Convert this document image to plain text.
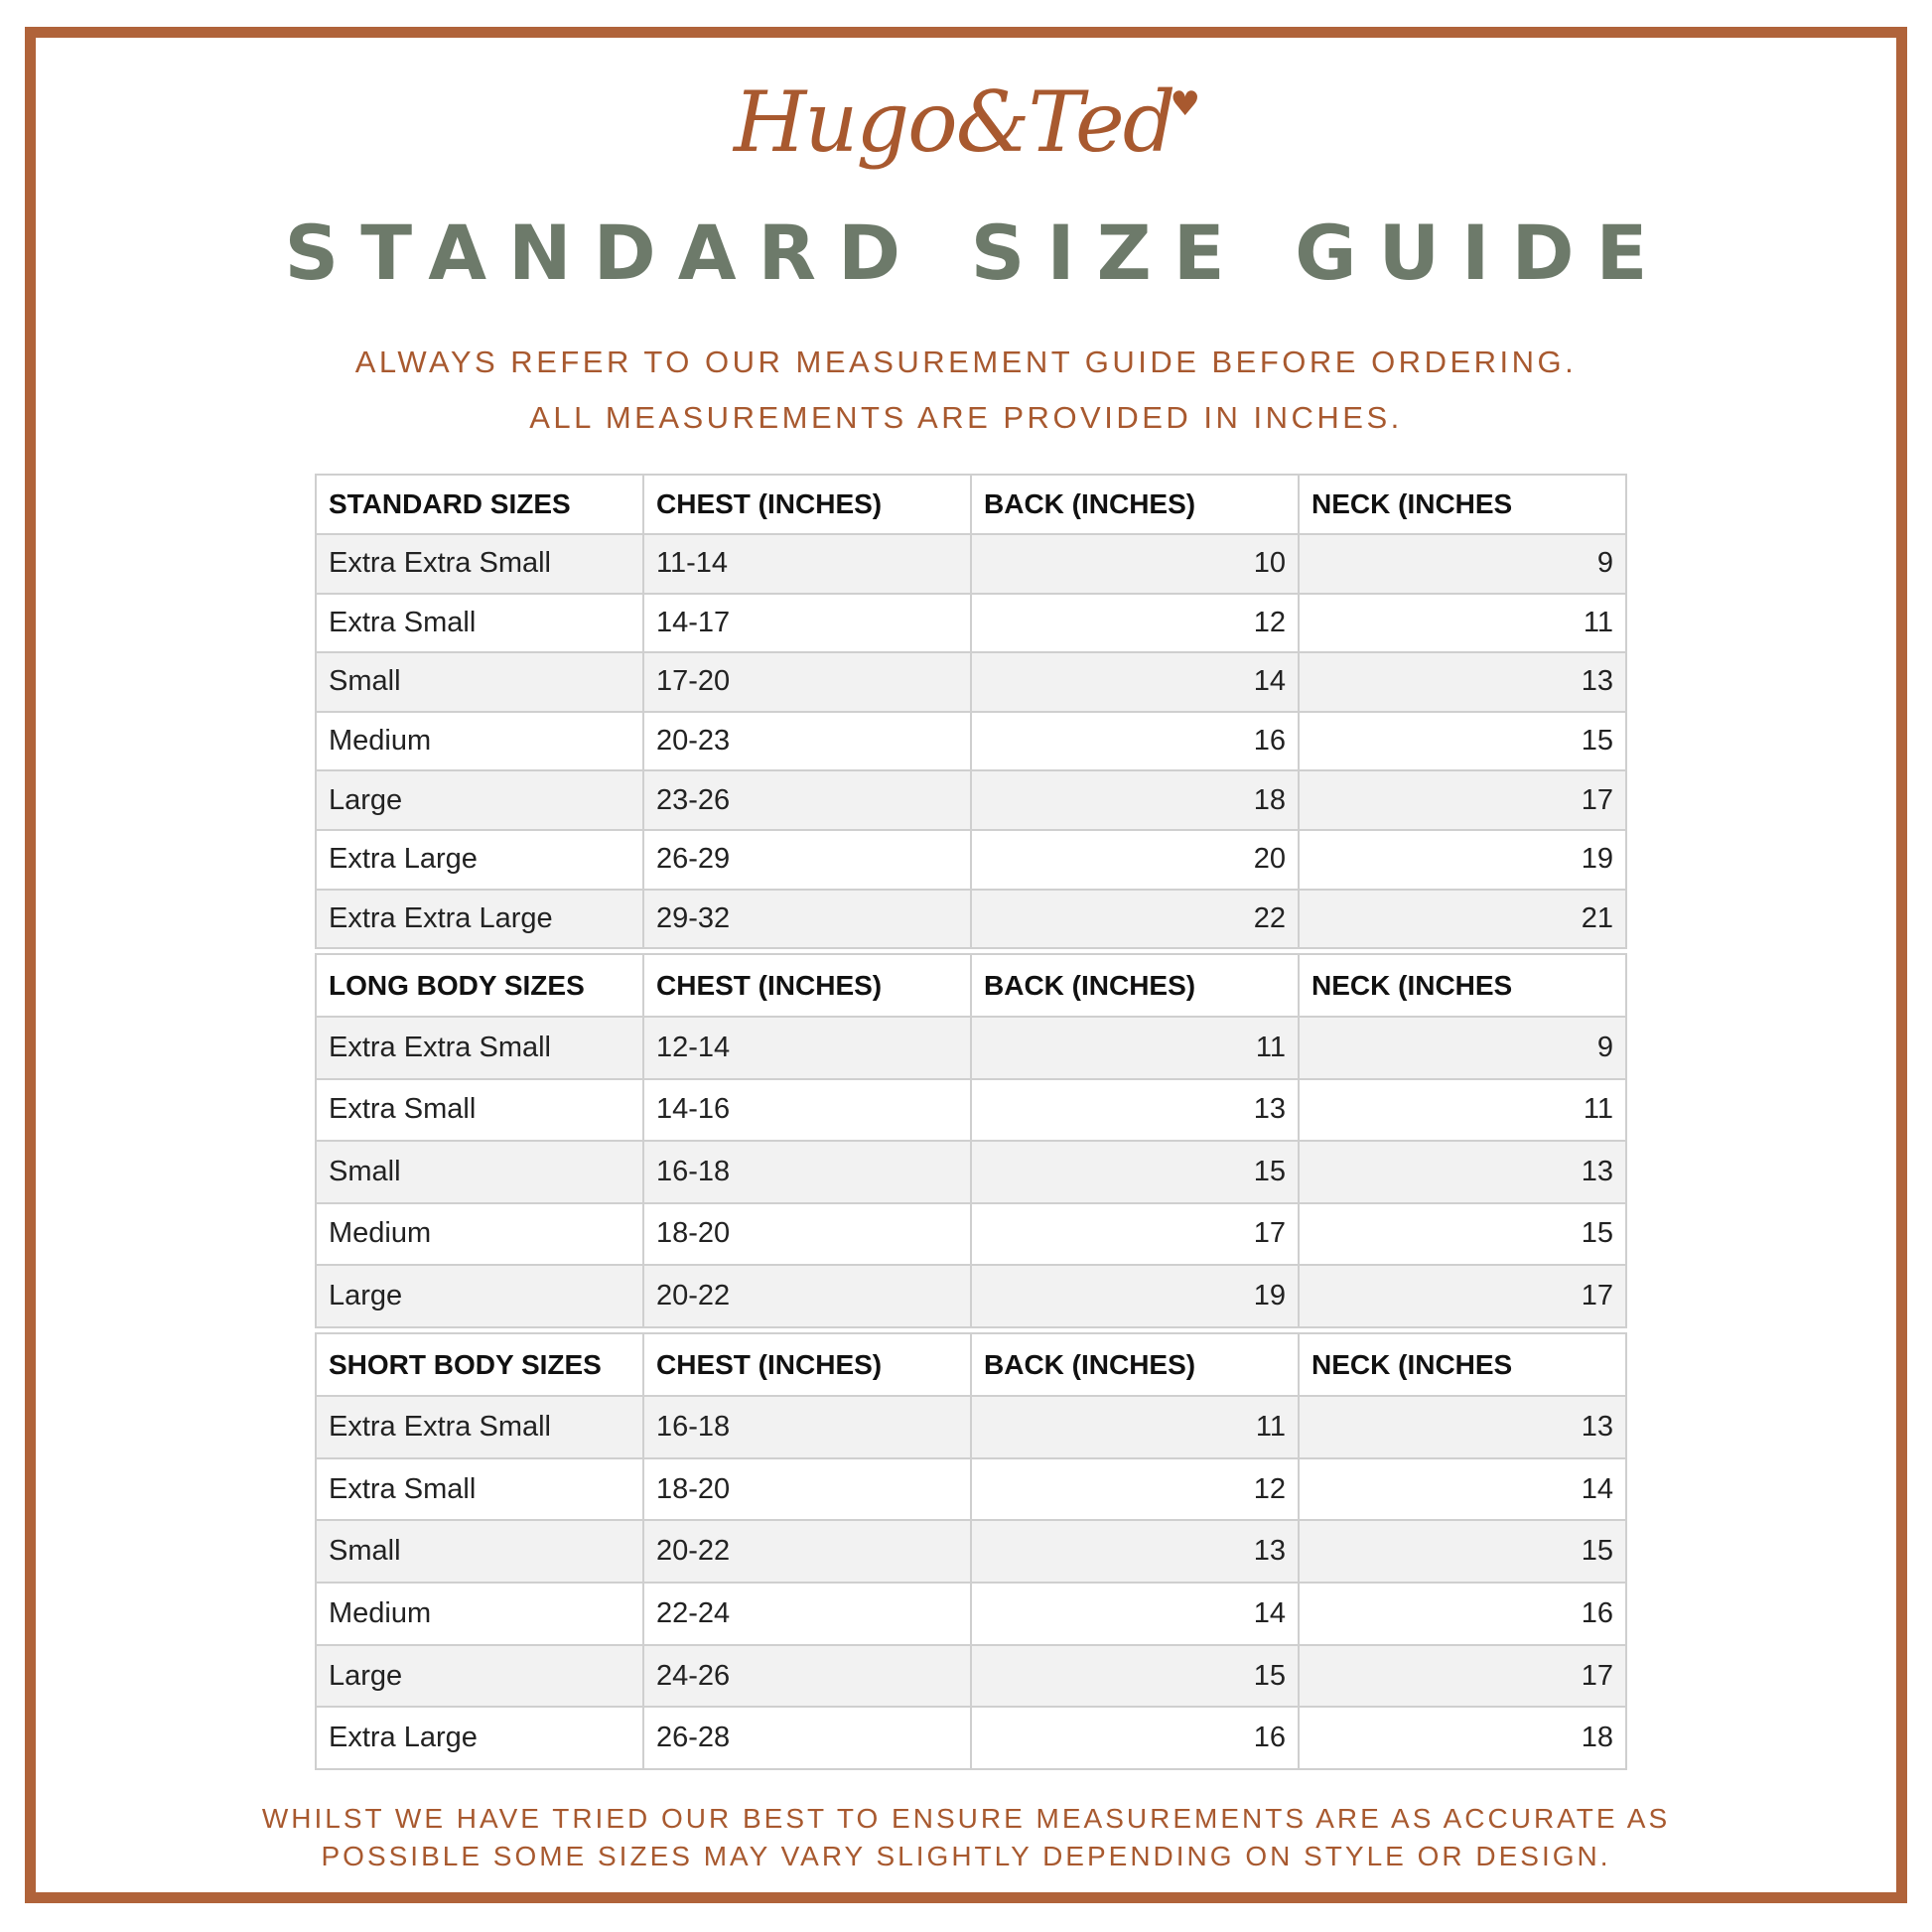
Hugo&Ted♥
STANDARD SIZE GUIDE
ALWAYS REFER TO OUR MEASUREMENT GUIDE BEFORE ORDERING.
ALL MEASUREMENTS ARE PROVIDED IN INCHES.
STANDARD SIZES	CHEST (INCHES)	BACK (INCHES)	NECK (INCHES
Extra Extra Small	11-14	10	9
Extra Small	14-17	12	11
Small	17-20	14	13
Medium	20-23	16	15
Large	23-26	18	17
Extra Large	26-29	20	19
Extra Extra Large	29-32	22	21
LONG BODY SIZES	CHEST (INCHES)	BACK (INCHES)	NECK (INCHES
Extra Extra Small	12-14	11	9
Extra Small	14-16	13	11
Small	16-18	15	13
Medium	18-20	17	15
Large	20-22	19	17
SHORT BODY SIZES	CHEST (INCHES)	BACK (INCHES)	NECK (INCHES
Extra Extra Small	16-18	11	13
Extra Small	18-20	12	14
Small	20-22	13	15
Medium	22-24	14	16
Large	24-26	15	17
Extra Large	26-28	16	18
WHILST WE HAVE TRIED OUR BEST TO ENSURE MEASUREMENTS ARE AS ACCURATE AS
POSSIBLE SOME SIZES MAY VARY SLIGHTLY DEPENDING ON STYLE OR DESIGN.
